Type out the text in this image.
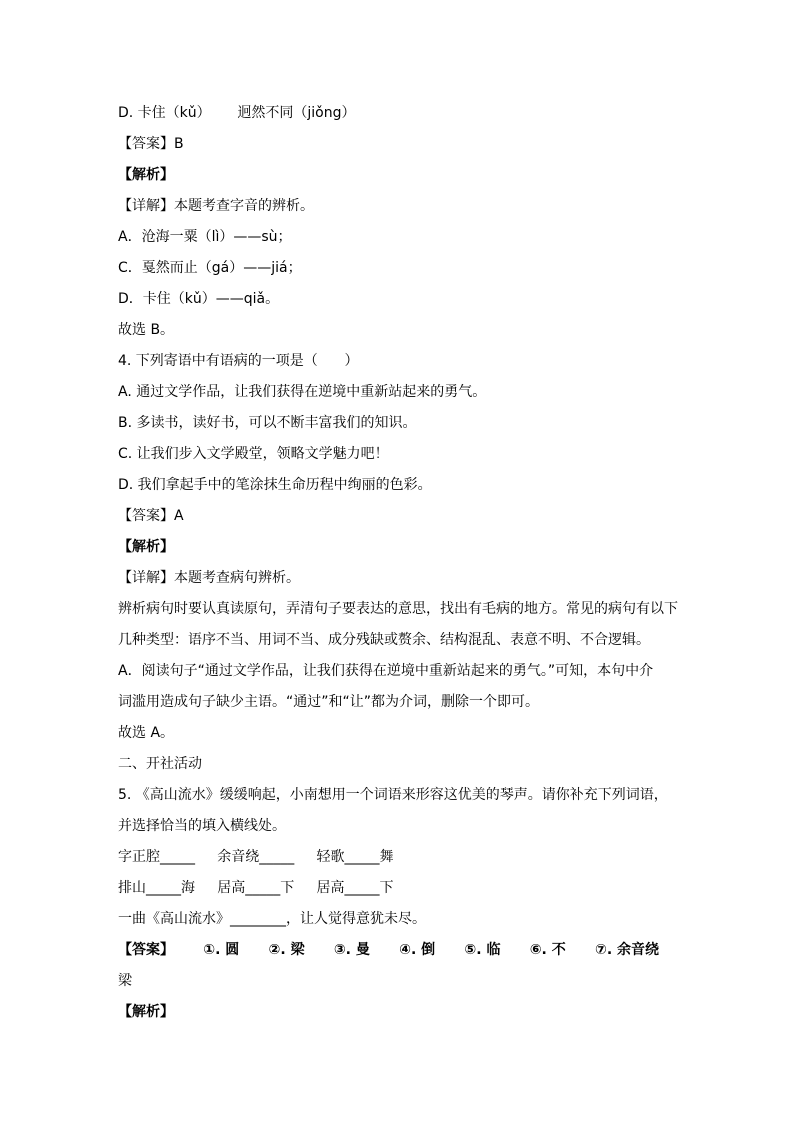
D. 卡住（kǔ）      迥然不同（jiǒng）
【答案】B
【解析】
【详解】本题考查字音的辨析。
A．沧海一粟（lì）——sù；
C．戛然而止（gá）——jiá；
D．卡住（kǔ）——qiǎ。
故选 B。
4. 下列寄语中有语病的一项是（      ）
A. 通过文学作品，让我们获得在逆境中重新站起来的勇气。
B. 多读书，读好书，可以不断丰富我们的知识。
C. 让我们步入文学殿堂，领略文学魅力吧！
D. 我们拿起手中的笔涂抹生命历程中绚丽的色彩。
【答案】A
【解析】
【详解】本题考查病句辨析。
辨析病句时要认真读原句，弄清句子要表达的意思，找出有毛病的地方。常见的病句有以下
几种类型：语序不当、用词不当、成分残缺或赘余、结构混乱、表意不明、不合逻辑。
A．阅读句子“通过文学作品，让我们获得在逆境中重新站起来的勇气。”可知，本句中介
词滥用造成句子缺少主语。“通过”和“让”都为介词，删除一个即可。
故选 A。
二、开社活动
5. 《高山流水》缓缓响起，小南想用一个词语来形容这优美的琴声。请你补充下列词语，
并选择恰当的填入横线处。
字正腔_____     余音绕_____     轻歌_____舞
排山_____海     居高_____下     居高_____下
一曲《高山流水》________，让人觉得意犹未尽。
【答案】      ①. 圆      ②. 梁      ③. 曼      ④. 倒      ⑤. 临      ⑥. 不      ⑦. 余音绕
梁
【解析】
